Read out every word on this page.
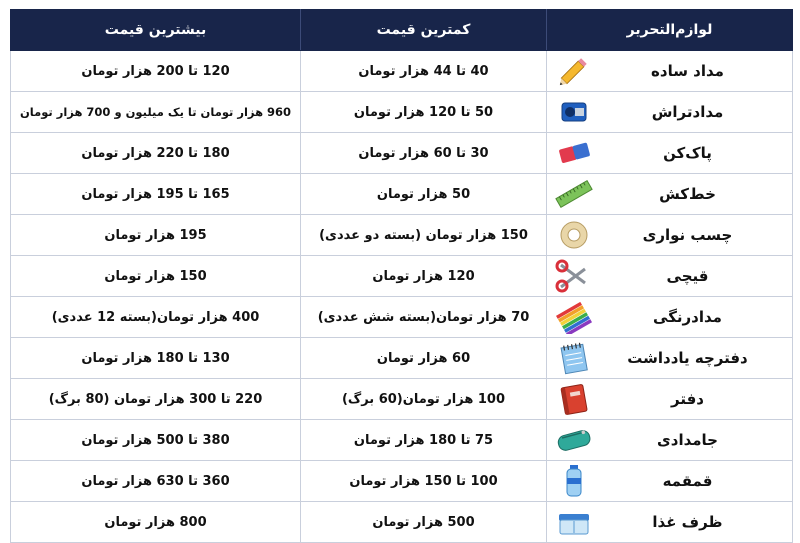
لوازم‌التحریر	کمترین قیمت	بیشترین قیمت

مداد ساده	40 تا 44 هزار تومان	120 تا 200 هزار تومان

مدادتراش	50 تا 120 هزار تومان	960 هزار تومان تا یک میلیون و 700 هزار تومان

پاک‌کن	30 تا 60 هزار تومان	180 تا 220 هزار تومان

خط‌کش	50 هزار تومان	165 تا 195 هزار تومان

چسب نواری	150 هزار تومان (بسته دو عددی)	195 هزار تومان

قیچی	120 هزار تومان	150 هزار تومان

مدادرنگی	70 هزار تومان(بسته شش عددی)	400 هزار تومان(بسته 12 عددی)

دفترچه یادداشت	60 هزار تومان	130 تا 180 هزار تومان

دفتر	100 هزار تومان(60 برگ)	220 تا 300 هزار تومان (80 برگ)

جامدادی	75 تا 180 هزار تومان	380 تا 500 هزار تومان

قمقمه	100 تا 150 هزار تومان	360 تا 630 هزار تومان

ظرف غذا	500 هزار تومان	800 هزار تومان
